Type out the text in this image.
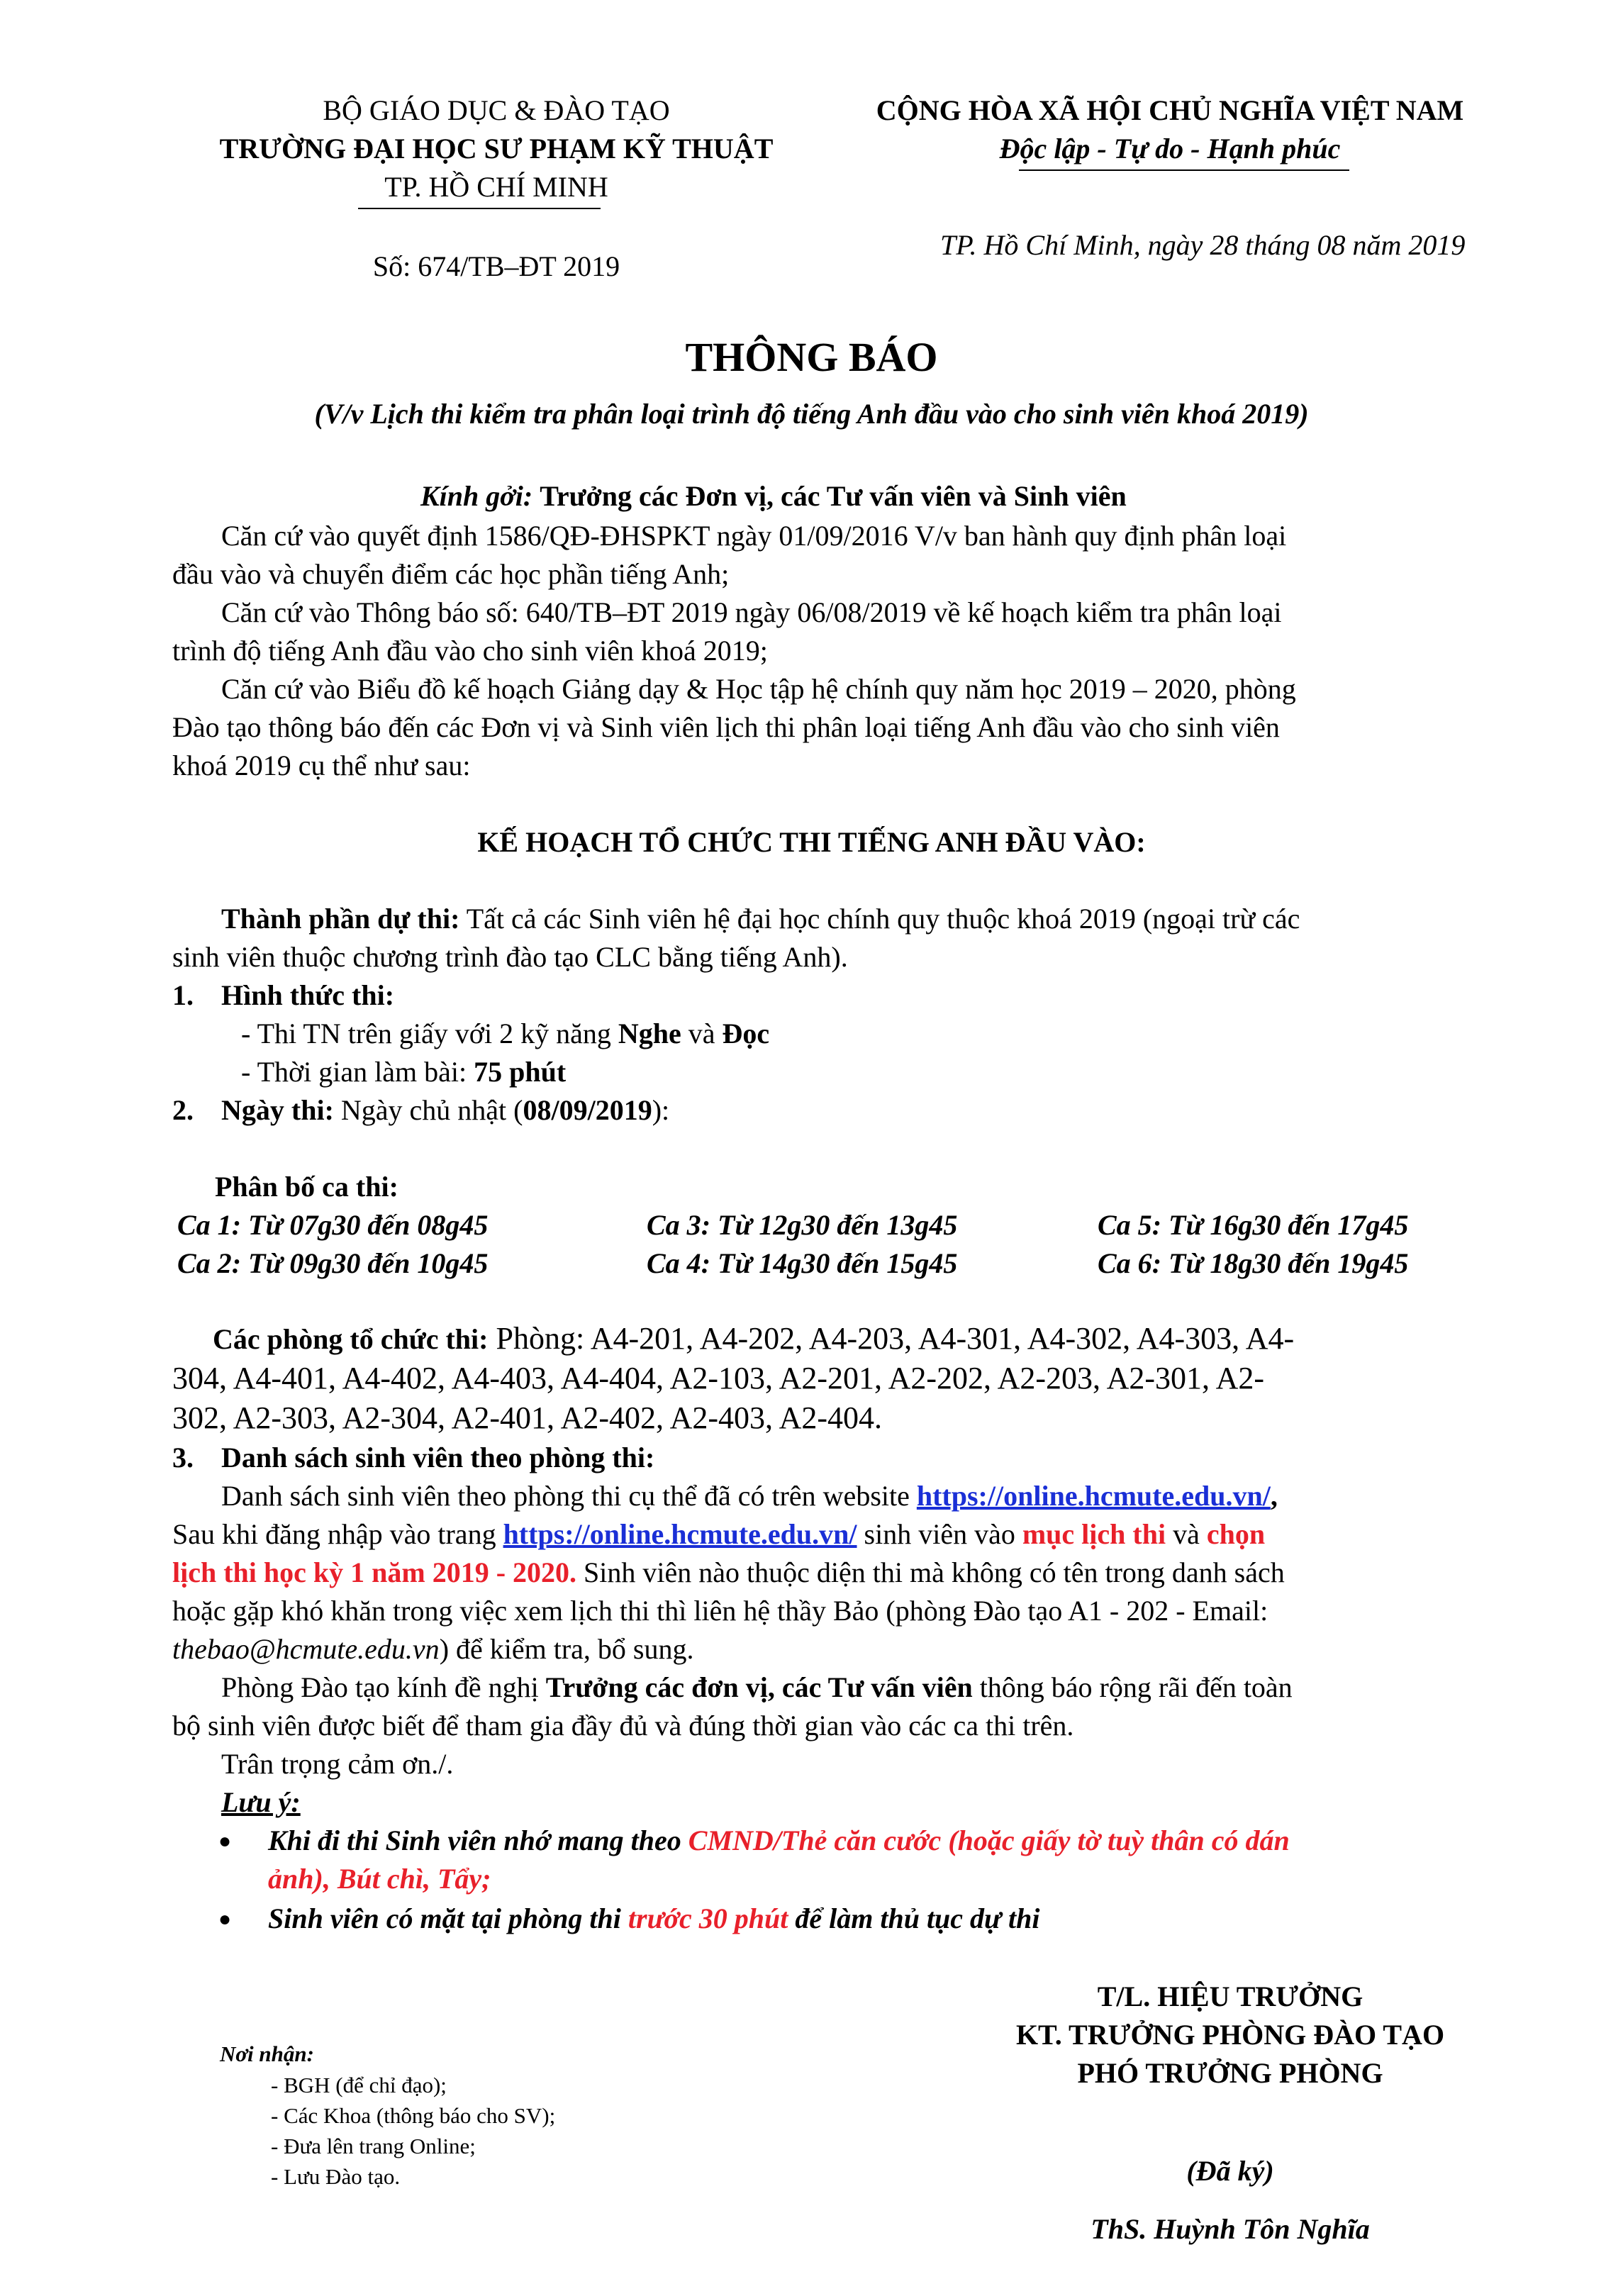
BỘ GIÁO DỤC & ĐÀO TẠO
TRƯỜNG ĐẠI HỌC SƯ PHẠM KỸ THUẬT
TP. HỒ CHÍ MINH
Số: 674/TB–ĐT 2019
CỘNG HÒA XÃ HỘI CHỦ NGHĨA VIỆT NAM
Độc lập - Tự do - Hạnh phúc
TP. Hồ Chí Minh, ngày 28 tháng 08 năm 2019
THÔNG BÁO
(V/v Lịch thi kiểm tra phân loại trình độ tiếng Anh đầu vào cho sinh viên khoá 2019)
Kính gởi: Trưởng các Đơn vị, các Tư vấn viên và Sinh viên
Căn cứ vào quyết định 1586/QĐ-ĐHSPKT ngày 01/09/2016 V/v ban hành quy định phân loại
đầu vào và chuyển điểm các học phần tiếng Anh;
Căn cứ vào Thông báo số: 640/TB–ĐT 2019 ngày 06/08/2019 về kế hoạch kiểm tra phân loại
trình độ tiếng Anh đầu vào cho sinh viên khoá 2019;
Căn cứ vào Biểu đồ kế hoạch Giảng dạy & Học tập hệ chính quy năm học 2019 – 2020, phòng
Đào tạo thông báo đến các Đơn vị và Sinh viên lịch thi phân loại tiếng Anh đầu vào cho sinh viên
khoá 2019 cụ thể như sau:
KẾ HOẠCH TỔ CHỨC THI TIẾNG ANH ĐẦU VÀO:
Thành phần dự thi: Tất cả các Sinh viên hệ đại học chính quy thuộc khoá 2019 (ngoại trừ các
sinh viên thuộc chương trình đào tạo CLC bằng tiếng Anh).
1. Hình thức thi:
- Thi TN trên giấy với 2 kỹ năng Nghe và Đọc
- Thời gian làm bài: 75 phút
2. Ngày thi: Ngày chủ nhật (08/09/2019):
Phân bố ca thi:
Ca 1: Từ 07g30 đến 08g45	Ca 3: Từ 12g30 đến 13g45	Ca 5: Từ 16g30 đến 17g45
Ca 2: Từ 09g30 đến 10g45	Ca 4: Từ 14g30 đến 15g45	Ca 6: Từ 18g30 đến 19g45
Các phòng tổ chức thi: Phòng: A4-201, A4-202, A4-203, A4-301, A4-302, A4-303, A4-
304, A4-401, A4-402, A4-403, A4-404, A2-103, A2-201, A2-202, A2-203, A2-301, A2-
302, A2-303, A2-304, A2-401, A2-402, A2-403, A2-404.
3. Danh sách sinh viên theo phòng thi:
Danh sách sinh viên theo phòng thi cụ thể đã có trên website https://online.hcmute.edu.vn/,
Sau khi đăng nhập vào trang https://online.hcmute.edu.vn/ sinh viên vào mục lịch thi và chọn
lịch thi học kỳ 1 năm 2019 - 2020. Sinh viên nào thuộc diện thi mà không có tên trong danh sách
hoặc gặp khó khăn trong việc xem lịch thi thì liên hệ thầy Bảo (phòng Đào tạo A1 - 202 - Email:
thebao@hcmute.edu.vn) để kiểm tra, bổ sung.
Phòng Đào tạo kính đề nghị Trưởng các đơn vị, các Tư vấn viên thông báo rộng rãi đến toàn
bộ sinh viên được biết để tham gia đầy đủ và đúng thời gian vào các ca thi trên.
Trân trọng cảm ơn./.
Lưu ý:
● Khi đi thi Sinh viên nhớ mang theo CMND/Thẻ căn cước (hoặc giấy tờ tuỳ thân có dán
ảnh), Bút chì, Tẩy;
● Sinh viên có mặt tại phòng thi trước 30 phút để làm thủ tục dự thi
Nơi nhận:
- BGH (để chỉ đạo);
- Các Khoa (thông báo cho SV);
- Đưa lên trang Online;
- Lưu Đào tạo.
T/L. HIỆU TRƯỞNG
KT. TRƯỞNG PHÒNG ĐÀO TẠO
PHÓ TRƯỞNG PHÒNG
(Đã ký)
ThS. Huỳnh Tôn Nghĩa
